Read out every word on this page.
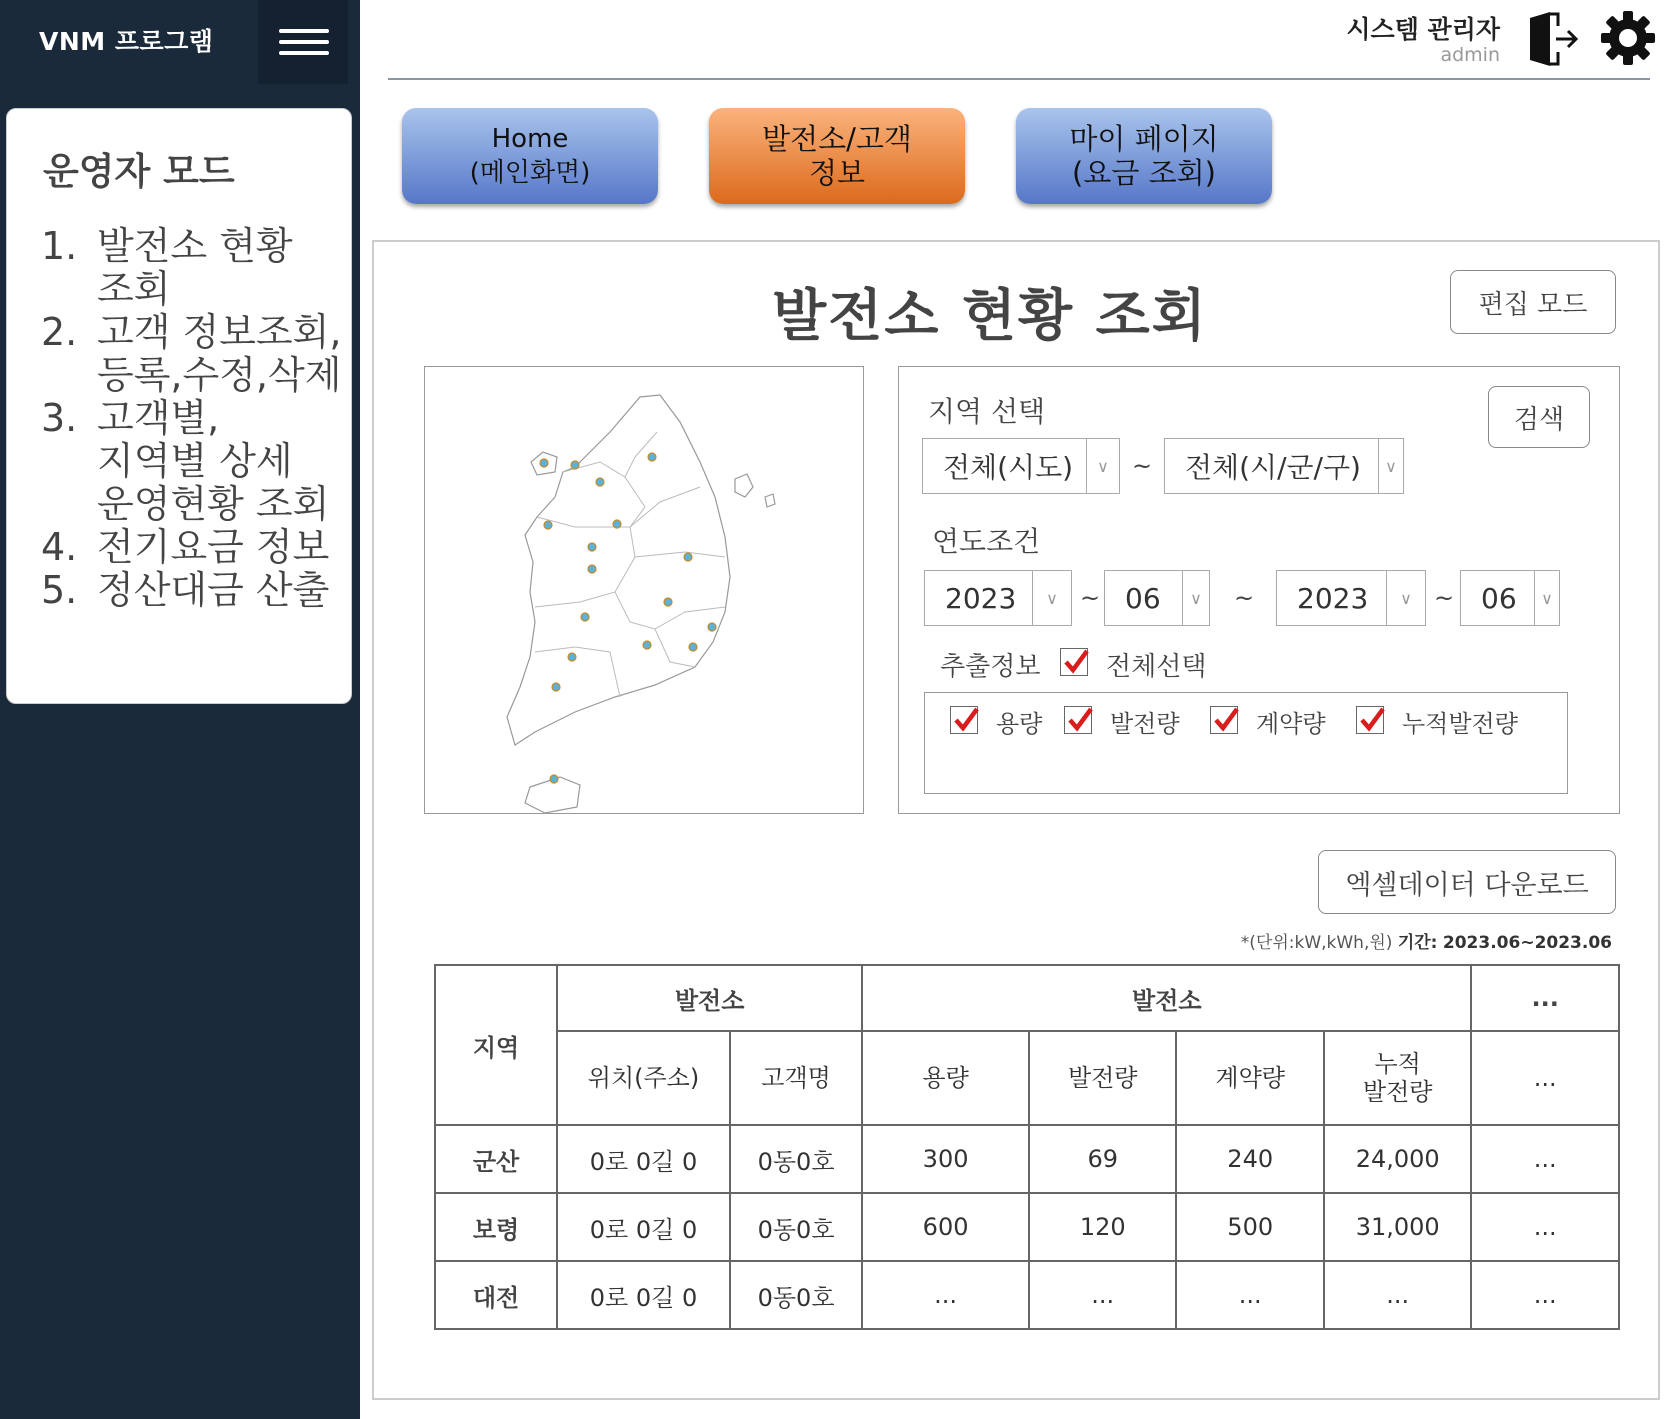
VNM 프로그램
운영자 모드
1. 발전소 현황
조회
2. 고객 정보조회,
등록,수정,삭제
3. 고객별,
지역별 상세
운영현황 조회
4. 전기요금 정보
5. 정산대금 산출
시스템 관리자
admin
Home
(메인화면)
발전소/고객
정보
마이 페이지
(요금 조회)
발전소 현황 조회	편집 모드
지역 선택	검색
전체(시도)	∨ ~	전체(시/군/구)	∨
연도조건
2023	∨ ~ 06	∨ ~	2023	∨ ~ 06	∨
추출정보	전체선택
용량	발전량	계약량	누적발전량
엑셀데이터 다운로드
*(단위:kW,kWh,원) 기간: 2023.06~2023.06
지역	발전소		발전소				...
	위치(주소)	고객명	용량	발전량	계약량	누적
발전량	...
군산	0로 0길 0	0동0호	300	69	240	24,000	...
보령	0로 0길 0	0동0호	600	120	500	31,000	...
대전	0로 0길 0	0동0호	...	...	...	...	...
